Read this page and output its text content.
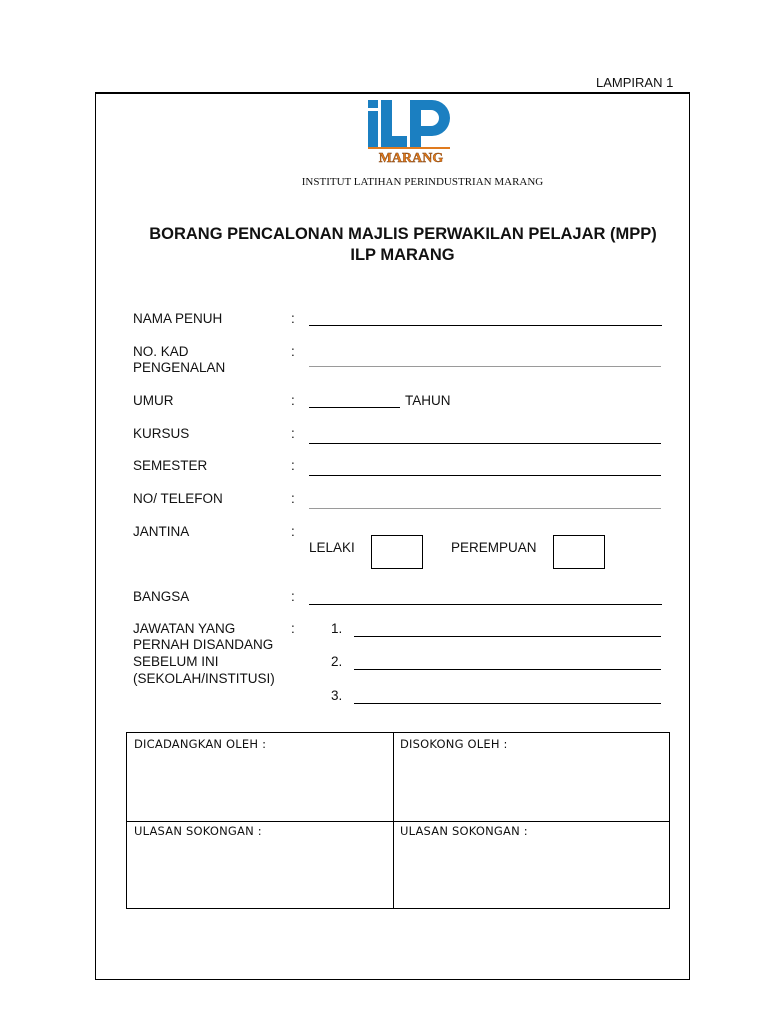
LAMPIRAN 1
MARANG
INSTITUT LATIHAN PERINDUSTRIAN MARANG
BORANG PENCALONAN MAJLIS PERWAKILAN PELAJAR (MPP)
ILP MARANG
NAMA PENUH	:
NO. KAD
PENGENALAN
:
UMUR	:	TAHUN
KURSUS	:
SEMESTER	:
NO/ TELEFON	:
JANTINA	:
LELAKI	PEREMPUAN
BANGSA	:
JAWATAN YANG
PERNAH DISANDANG
SEBELUM INI
(SEKOLAH/INSTITUSI)
:	1.
2.
3.
DICADANGKAN OLEH :	DISOKONG OLEH :
ULASAN SOKONGAN :	ULASAN SOKONGAN :
